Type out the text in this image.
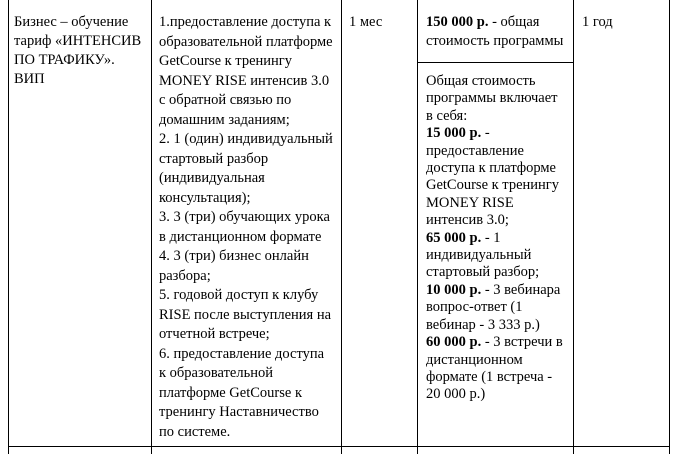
Бизнес – обучение

тариф «ИНТЕНСИВ

ПО ТРАФИКУ».

ВИП

1.предоставление доступа к

образовательной платформе

GetCourse к тренингу

MONEY RISE интенсив 3.0

с обратной связью по

домашним заданиям;

2. 1 (один) индивидуальный

стартовый разбор

(индивидуальная

консультация);

3. 3 (три) обучающих урока

в дистанционном формате

4. 3 (три) бизнес онлайн

разбора;

5. годовой доступ к клубу

RISE после выступления на

отчетной встрече;

6. предоставление доступа

к образовательной

платформе GetCourse к

тренингу Наставничество

по системе.

1 мес	150 000 р. - общая

стоимость программы

Общая стоимость

программы включает

в себя:

15 000 р. -

предоставление

доступа к платформе

GetCourse к тренингу

MONEY RISE

интенсив 3.0;

65 000 р. - 1

индивидуальный

стартовый разбор;

10 000 р. - 3 вебинара

вопрос-ответ (1

вебинар - 3 333 р.)

60 000 р. - 3 встречи в

дистанционном

формате (1 встреча -

20 000 р.)

1 год
